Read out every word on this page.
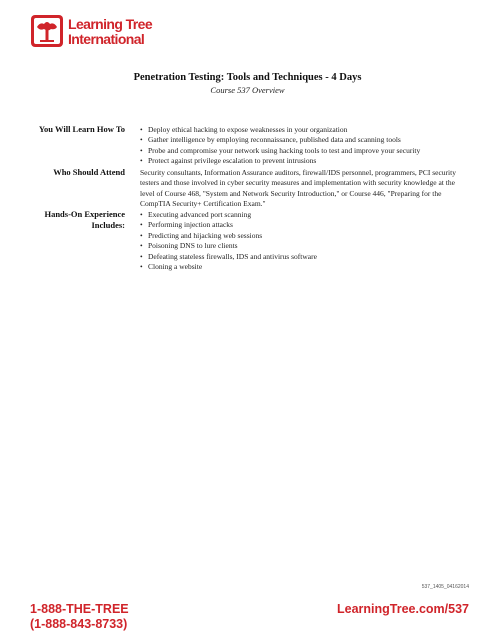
Learning Tree
International
Penetration Testing: Tools and Techniques - 4 Days
Course 537 Overview
You Will Learn How To
•	Deploy ethical hacking to expose weaknesses in your organization
• Gather intelligence by employing reconnaissance, published data and scanning tools
• Probe and compromise your network using hacking tools to test and improve your security
• Protect against privilege escalation to prevent intrusions
Who Should Attend Security consultants, Information Assurance auditors, firewall/IDS personnel, programmers, PCI security testers and those involved in cyber security measures and implementation with security knowledge at the level of Course 468, "System and Network Security Introduction," or Course 446, "Preparing for the CompTIA Security+ Certification Exam."

Hands-On Experience
Includes:
• Executing advanced port scanning
• Performing injection attacks
• Predicting and hijacking web sessions
• Poisoning DNS to lure clients
• Defeating stateless firewalls, IDS and antivirus software
• Cloning a website
537_1405_04162014
1-888-THE-TREE
(1-888-843-8733)
LearningTree.com/537
